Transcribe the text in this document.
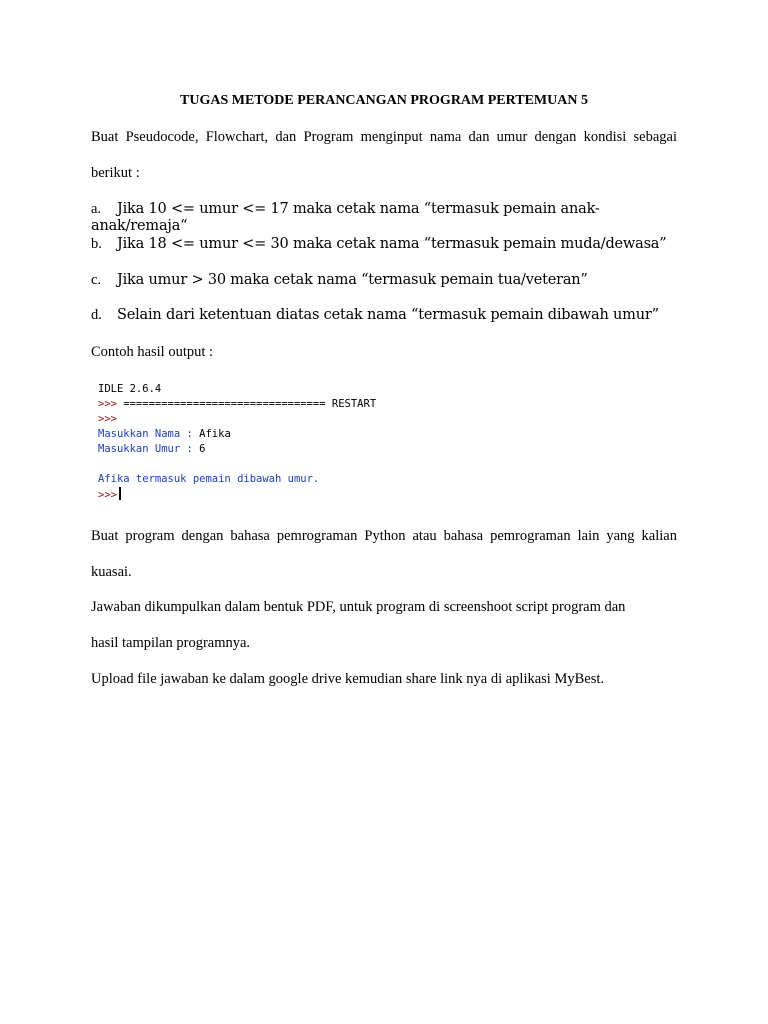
TUGAS METODE PERANCANGAN PROGRAM PERTEMUAN 5
Buat Pseudocode, Flowchart, dan Program menginput nama dan umur dengan kondisi sebagai
berikut :
a. Jika 10 <= umur <= 17 maka cetak nama “termasuk pemain anak-anak/remaja“
b. Jika 18 <= umur <= 30 maka cetak nama “termasuk pemain muda/dewasa”
c. Jika umur > 30 maka cetak nama “termasuk pemain tua/veteran”
d. Selain dari ketentuan diatas cetak nama “termasuk pemain dibawah umur”
Contoh hasil output :
IDLE 2.6.4
>>> ================================ RESTART
>>>
Masukkan Nama : Afika
Masukkan Umur : 6
Afika termasuk pemain dibawah umur.
>>>
Buat program dengan bahasa pemrograman Python atau bahasa pemrograman lain yang kalian
kuasai.
Jawaban dikumpulkan dalam bentuk PDF, untuk program di screenshoot script program dan
hasil tampilan programnya.
Upload file jawaban ke dalam google drive kemudian share link nya di aplikasi MyBest.
